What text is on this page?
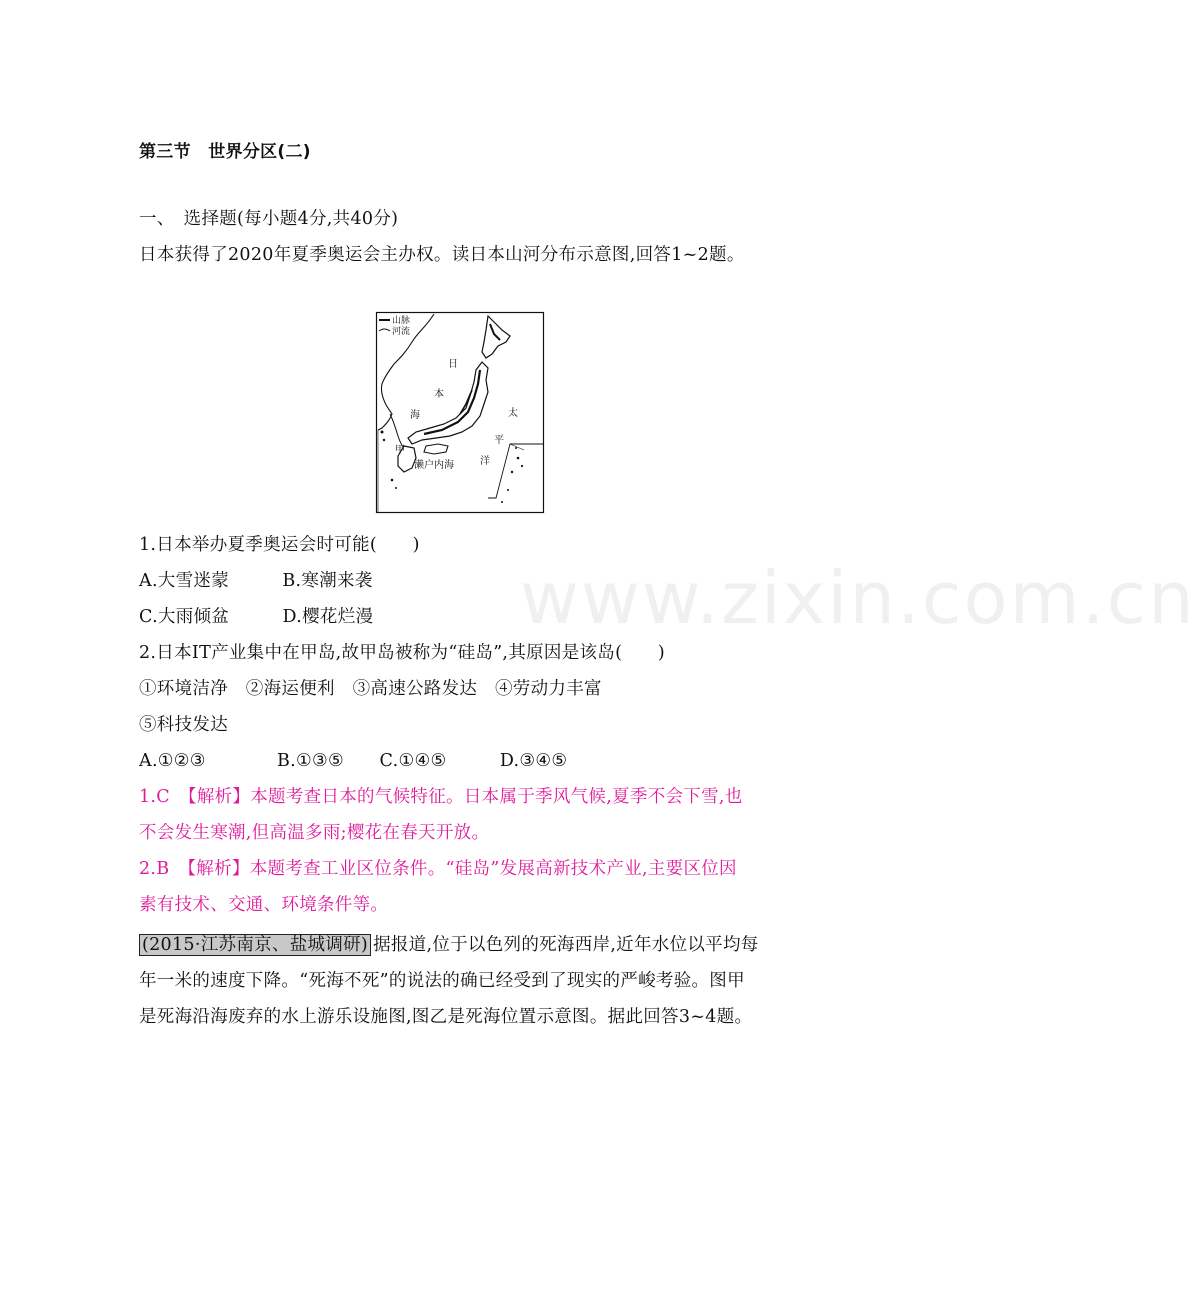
第三节　世界分区(二)
一、　选择题(每小题4分,共40分)
日本获得了2020年夏季奥运会主办权。读日本山河分布示意图,回答1~2题。
山脉
河流
日
本
海	太
平
洋
甲
濑户内海
1.日本举办夏季奥运会时可能(　　)
A.大雪迷蒙　　　B.寒潮来袭
C.大雨倾盆　　　D.樱花烂漫
2.日本IT产业集中在甲岛,故甲岛被称为“硅岛”,其原因是该岛(　　)
①环境洁净　②海运便利　③高速公路发达　④劳动力丰富
⑤科技发达
A.①②③　　　　B.①③⑤　　C.①④⑤　　　D.③④⑤
1.C　【解析】本题考查日本的气候特征。日本属于季风气候,夏季不会下雪,也
不会发生寒潮,但高温多雨;樱花在春天开放。
2.B　【解析】本题考查工业区位条件。“硅岛”发展高新技术产业,主要区位因
素有技术、交通、环境条件等。
(2015·江苏南京、盐城调研) 据报道,位于以色列的死海西岸,近年水位以平均每
年一米的速度下降。“死海不死”的说法的确已经受到了现实的严峻考验。图甲
是死海沿海废弃的水上游乐设施图,图乙是死海位置示意图。据此回答3~4题。
www.zixin.com.cn
